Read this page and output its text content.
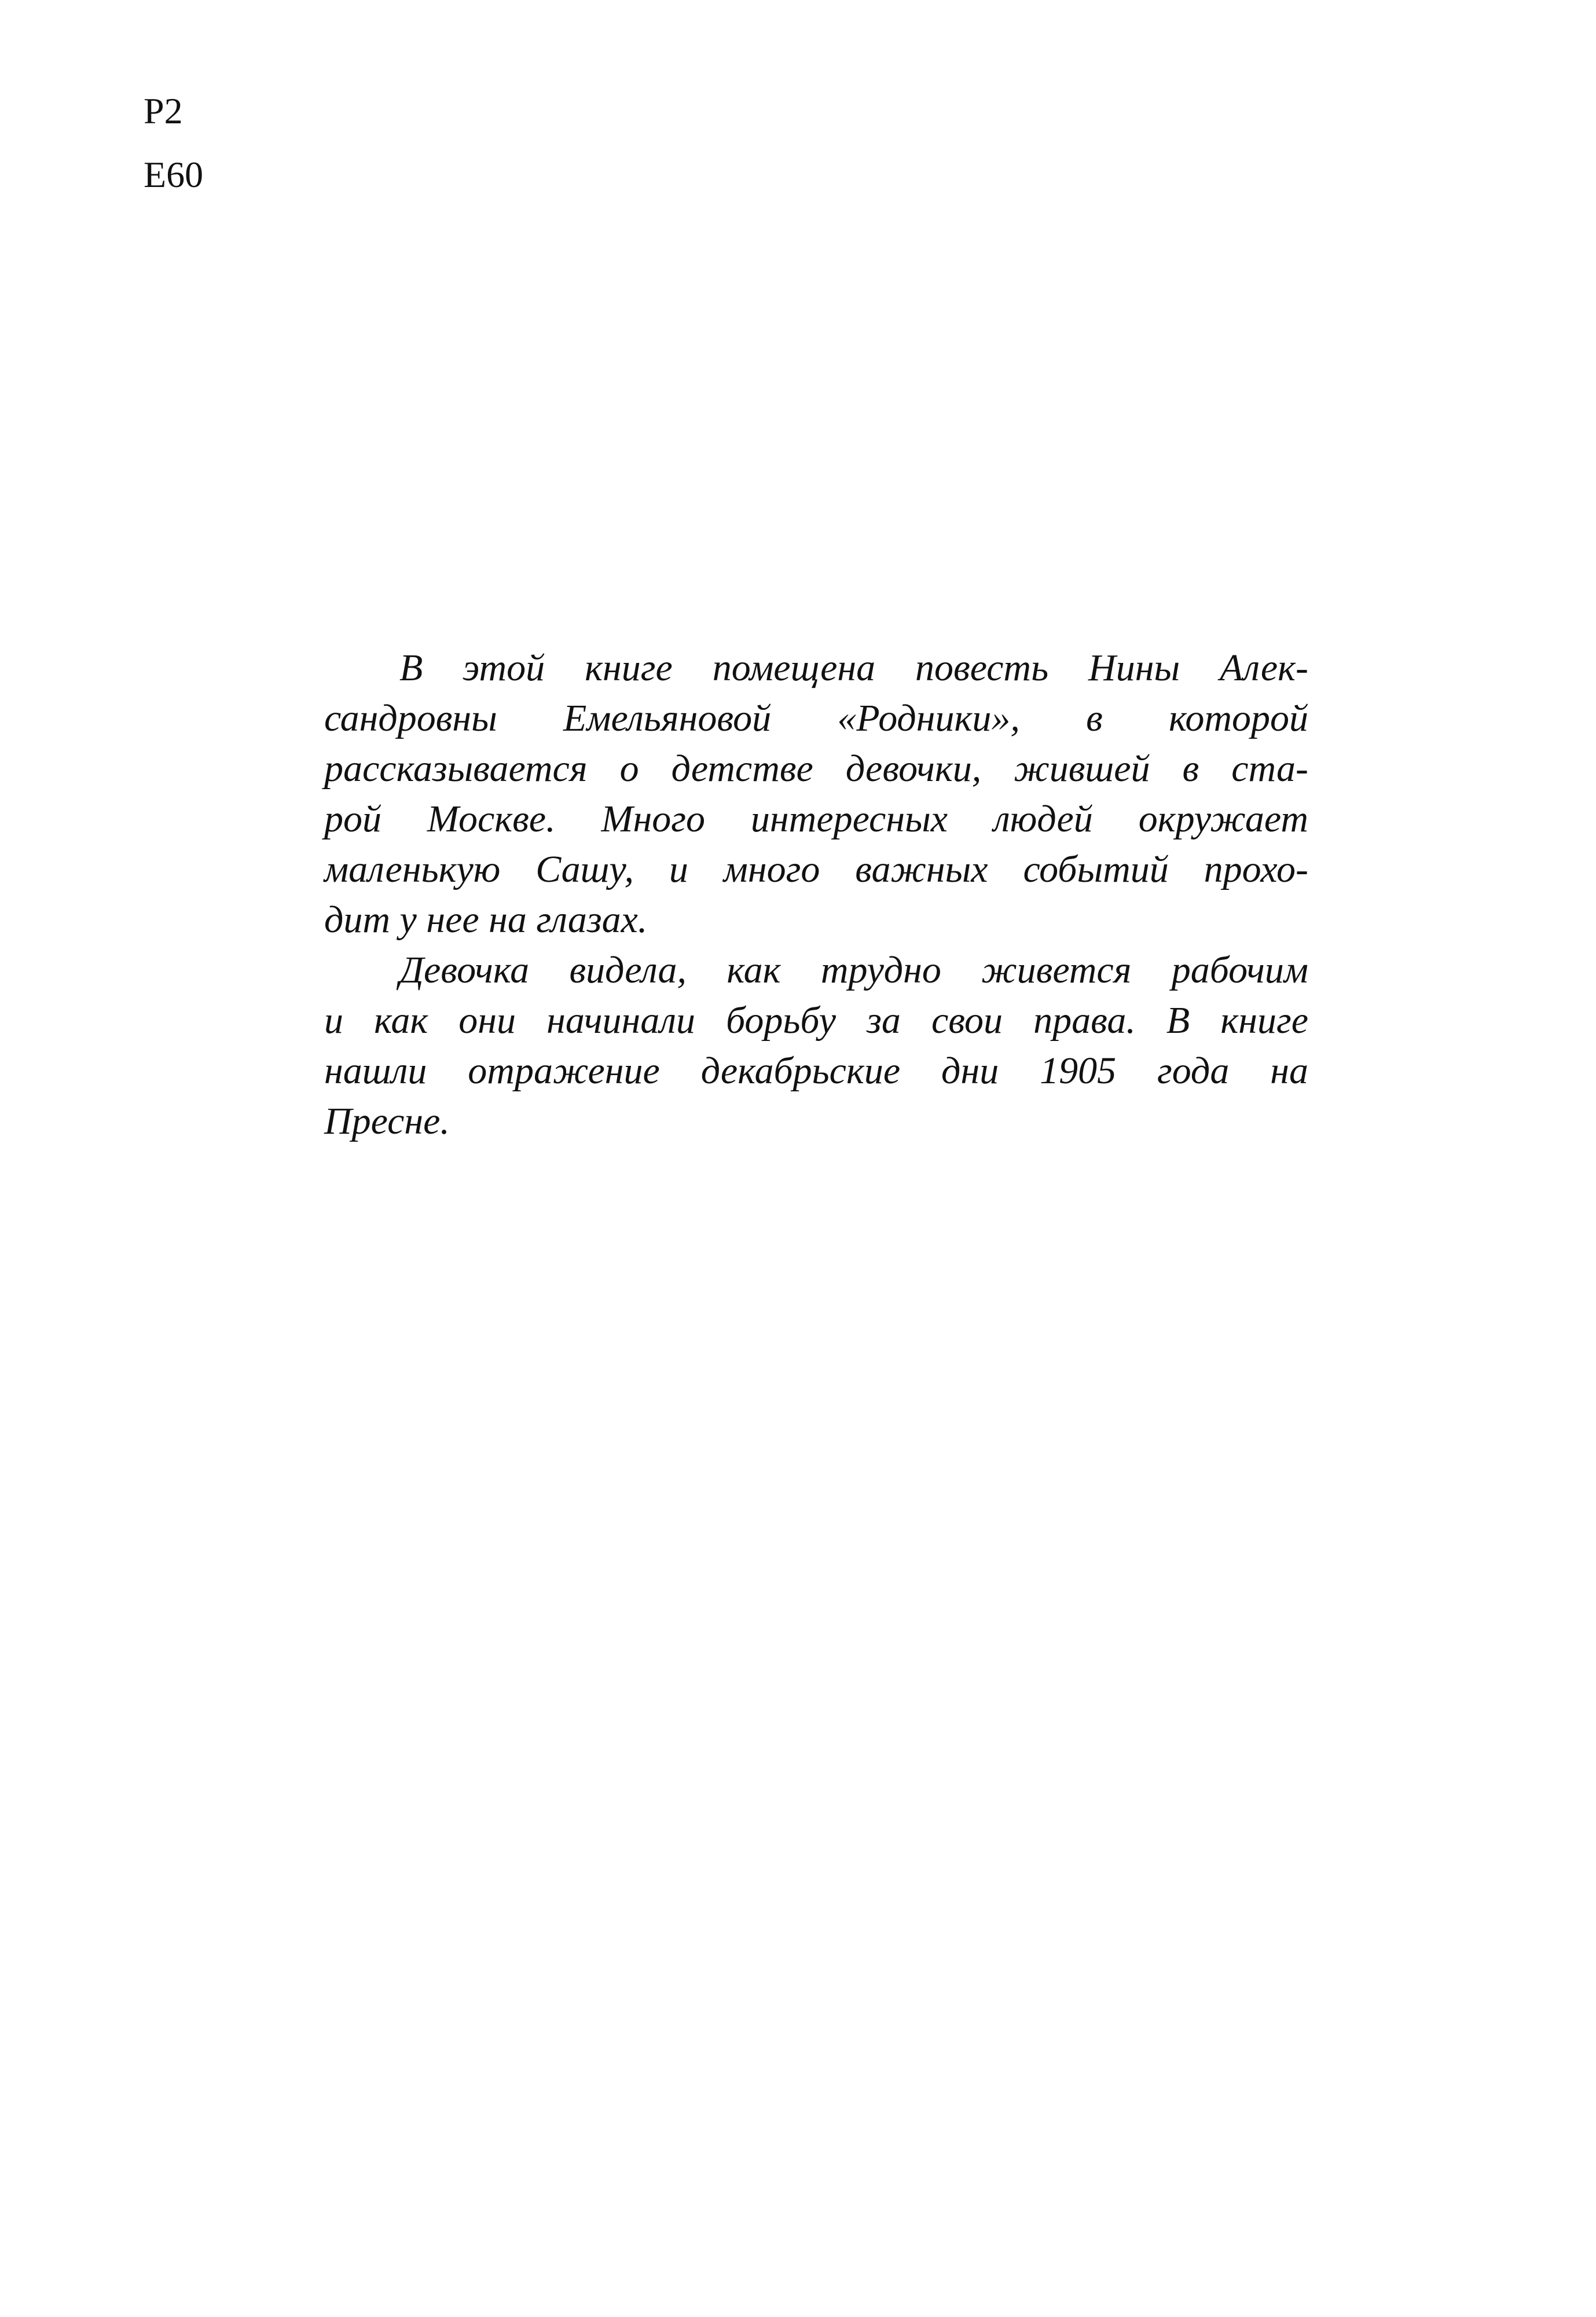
Р2
Е60
В этой книге помещена повесть Нины Алек-
сандровны Емельяновой «Родники», в которой
рассказывается о детстве девочки, жившей в ста-
рой Москве. Много интересных людей окружает
маленькую Сашу, и много важных событий прохо-
дит у нее на глазах.
Девочка видела, как трудно живется рабочим
и как они начинали борьбу за свои права. В книге
нашли отражение декабрьские дни 1905 года на
Пресне.
